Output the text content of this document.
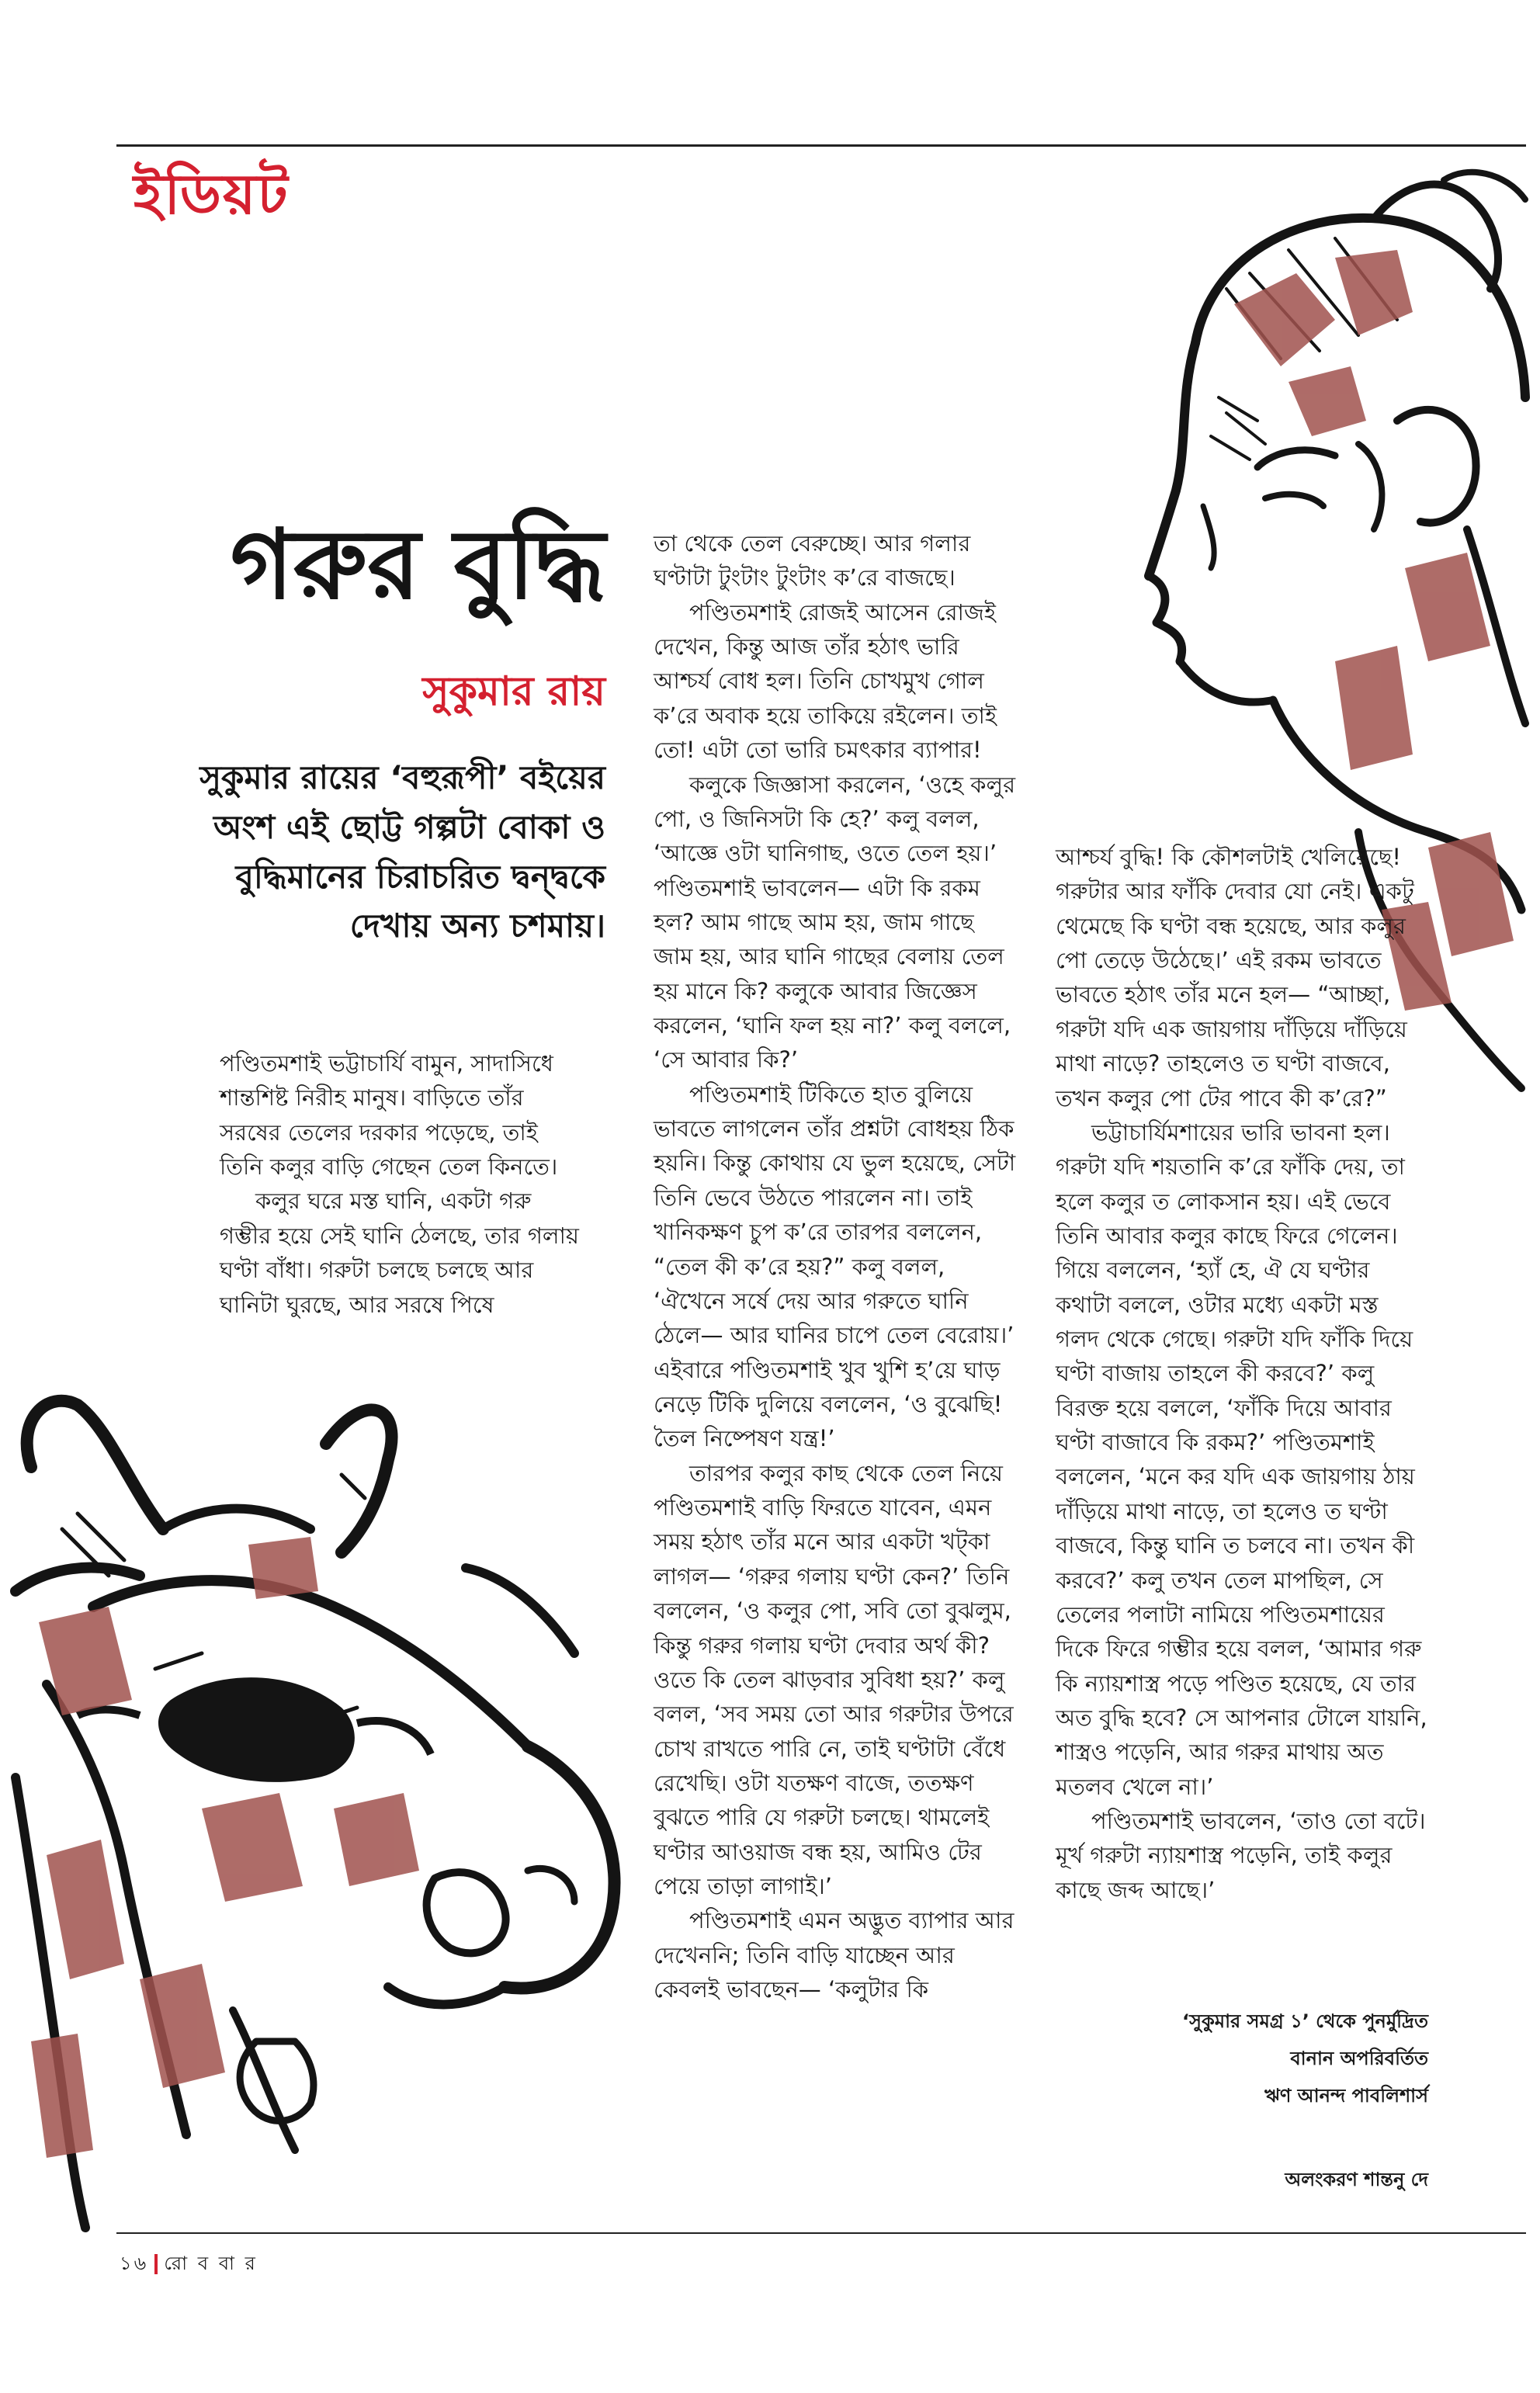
ইডিয়ট
গরুর বুদ্ধি
সুকুমার রায়
সুকুমার রায়ের ‘বহুরূপী’ বইয়ের অংশ এই ছোট্ট গল্পটা বোকা ও বুদ্ধিমানের চিরাচরিত দ্বন্দ্বকে দেখায় অন্য চশমায়।

পণ্ডিতমশাই ভট্টাচার্যি বামুন, সাদাসিধে শান্তশিষ্ট নিরীহ মানুষ। বাড়িতে তাঁর সরষের তেলের দরকার পড়েছে, তাই তিনি কলুর বাড়ি গেছেন তেল কিনতে।

কলুর ঘরে মস্ত ঘানি, একটা গরু গম্ভীর হয়ে সেই ঘানি ঠেলছে, তার গলায় ঘণ্টা বাঁধা। গরুটা চলছে চলছে আর ঘানিটা ঘুরছে, আর সরষে পিষে

তা থেকে তেল বেরুচ্ছে। আর গলার ঘণ্টাটা টুংটাং টুংটাং ক’রে বাজছে।

পণ্ডিতমশাই রোজই আসেন রোজই দেখেন, কিন্তু আজ তাঁর হঠাৎ ভারি আশ্চর্য বোধ হল। তিনি চোখমুখ গোল ক’রে অবাক হয়ে তাকিয়ে রইলেন। তাই তো! এটা তো ভারি চমৎকার ব্যাপার!

কলুকে জিজ্ঞাসা করলেন, ‘ওহে কলুর পো, ও জিনিসটা কি হে?’ কলু বলল, ‘আজ্ঞে ওটা ঘানিগাছ, ওতে তেল হয়।’ পণ্ডিতমশাই ভাবলেন— এটা কি রকম হল? আম গাছে আম হয়, জাম গাছে জাম হয়, আর ঘানি গাছের বেলায় তেল হয় মানে কি? কলুকে আবার জিজ্ঞেস করলেন, ‘ঘানি ফল হয় না?’ কলু বললে, ‘সে আবার কি?’

পণ্ডিতমশাই টিকিতে হাত বুলিয়ে ভাবতে লাগলেন তাঁর প্রশ্নটা বোধহয় ঠিক হয়নি। কিন্তু কোথায় যে ভুল হয়েছে, সেটা তিনি ভেবে উঠতে পারলেন না। তাই খানিকক্ষণ চুপ ক’রে তারপর বললেন, “তেল কী ক’রে হয়?” কলু বলল, ‘ঐখেনে সর্ষে দেয় আর গরুতে ঘানি ঠেলে— আর ঘানির চাপে তেল বেরোয়।’ এইবারে পণ্ডিতমশাই খুব খুশি হ’য়ে ঘাড় নেড়ে টিকি দুলিয়ে বললেন, ‘ও বুঝেছি! তৈল নিষ্পেষণ যন্ত্র!’

তারপর কলুর কাছ থেকে তেল নিয়ে পণ্ডিতমশাই বাড়ি ফিরতে যাবেন, এমন সময় হঠাৎ তাঁর মনে আর একটা খট্‌কা লাগল— ‘গরুর গলায় ঘণ্টা কেন?’ তিনি বললেন, ‘ও কলুর পো, সবি তো বুঝলুম, কিন্তু গরুর গলায় ঘণ্টা দেবার অর্থ কী? ওতে কি তেল ঝাড়বার সুবিধা হয়?’ কলু বলল, ‘সব সময় তো আর গরুটার উপরে চোখ রাখতে পারি নে, তাই ঘণ্টাটা বেঁধে রেখেছি। ওটা যতক্ষণ বাজে, ততক্ষণ বুঝতে পারি যে গরুটা চলছে। থামলেই ঘণ্টার আওয়াজ বন্ধ হয়, আমিও টের পেয়ে তাড়া লাগাই।’

পণ্ডিতমশাই এমন অদ্ভুত ব্যাপার আর দেখেননি; তিনি বাড়ি যাচ্ছেন আর কেবলই ভাবছেন— ‘কলুটার কি

আশ্চর্য বুদ্ধি! কি কৌশলটাই খেলিয়েছে! গরুটার আর ফাঁকি দেবার যো নেই। একটু থেমেছে কি ঘণ্টা বন্ধ হয়েছে, আর কলুর পো তেড়ে উঠেছে।’ এই রকম ভাবতে ভাবতে হঠাৎ তাঁর মনে হল— “আচ্ছা, গরুটা যদি এক জায়গায় দাঁড়িয়ে দাঁড়িয়ে মাথা নাড়ে? তাহলেও ত ঘণ্টা বাজবে, তখন কলুর পো টের পাবে কী ক’রে?”

ভট্টাচার্যিমশায়ের ভারি ভাবনা হল। গরুটা যদি শয়তানি ক’রে ফাঁকি দেয়, তা হলে কলুর ত লোকসান হয়। এই ভেবে তিনি আবার কলুর কাছে ফিরে গেলেন। গিয়ে বললেন, ‘হ্যাঁ হে, ঐ যে ঘণ্টার কথাটা বললে, ওটার মধ্যে একটা মস্ত গলদ থেকে গেছে। গরুটা যদি ফাঁকি দিয়ে ঘণ্টা বাজায় তাহলে কী করবে?’ কলু বিরক্ত হয়ে বললে, ‘ফাঁকি দিয়ে আবার ঘণ্টা বাজাবে কি রকম?’ পণ্ডিতমশাই বললেন, ‘মনে কর যদি এক জায়গায় ঠায় দাঁড়িয়ে মাথা নাড়ে, তা হলেও ত ঘণ্টা বাজবে, কিন্তু ঘানি ত চলবে না। তখন কী করবে?’ কলু তখন তেল মাপছিল, সে তেলের পলাটা নামিয়ে পণ্ডিতমশায়ের দিকে ফিরে গম্ভীর হয়ে বলল, ‘আমার গরু কি ন্যায়শাস্ত্র পড়ে পণ্ডিত হয়েছে, যে তার অত বুদ্ধি হবে? সে আপনার টোলে যায়নি, শাস্ত্রও পড়েনি, আর গরুর মাথায় অত মতলব খেলে না।’

পণ্ডিতমশাই ভাবলেন, ‘তাও তো বটে। মূর্খ গরুটা ন্যায়শাস্ত্র পড়েনি, তাই কলুর কাছে জব্দ আছে।’

‘সুকুমার সমগ্র ১’ থেকে পুনর্মুদ্রিত
বানান অপরিবর্তিত
ঋণ আনন্দ পাবলিশার্স
অলংকরণ শান্তনু দে
১৬ রো ব বা র
